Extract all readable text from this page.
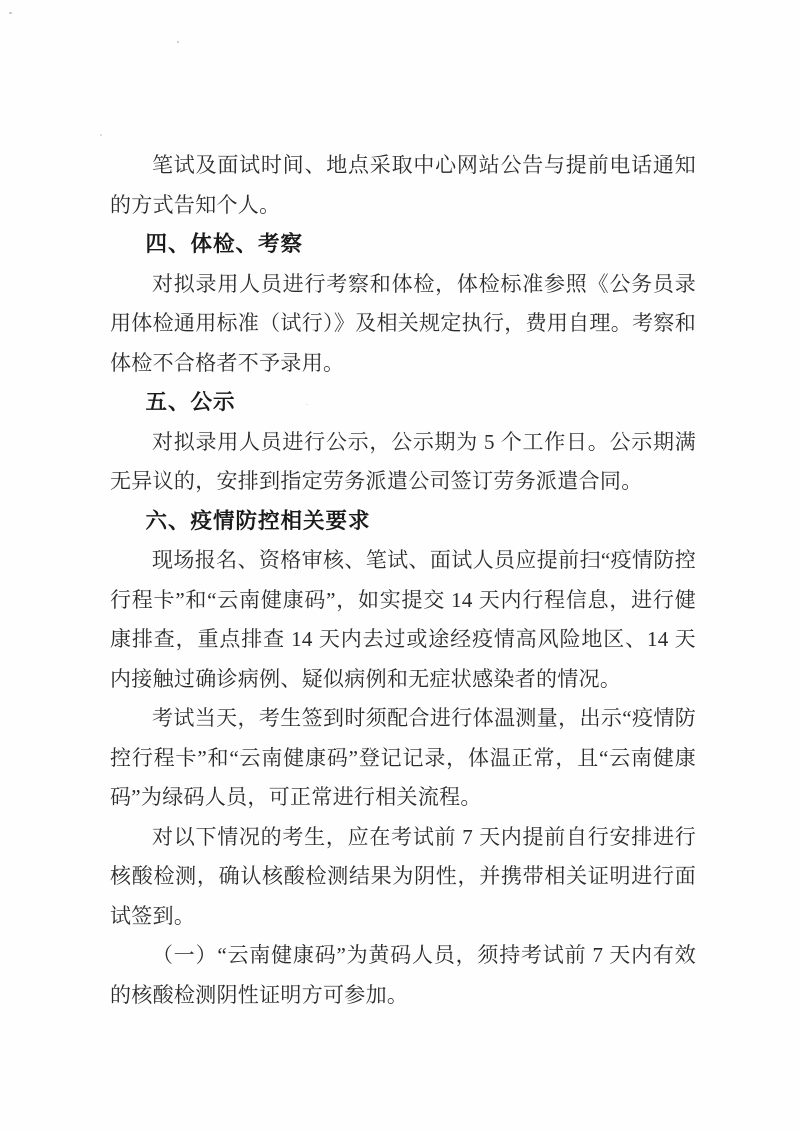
笔试及面试时间、地点采取中心网站公告与提前电话通知的方式告知个人。

四、体检、考察

对拟录用人员进行考察和体检，体检标准参照《公务员录用体检通用标准（试行）》及相关规定执行，费用自理。考察和体检不合格者不予录用。

五、公示

对拟录用人员进行公示，公示期为 5 个工作日。公示期满无异议的，安排到指定劳务派遣公司签订劳务派遣合同。

六、疫情防控相关要求

现场报名、资格审核、笔试、面试人员应提前扫“疫情防控行程卡”和“云南健康码”，如实提交 14 天内行程信息，进行健康排查，重点排查 14 天内去过或途经疫情高风险地区、14 天内接触过确诊病例、疑似病例和无症状感染者的情况。

考试当天，考生签到时须配合进行体温测量，出示“疫情防控行程卡”和“云南健康码”登记记录，体温正常，且“云南健康码”为绿码人员，可正常进行相关流程。

对以下情况的考生，应在考试前 7 天内提前自行安排进行核酸检测，确认核酸检测结果为阴性，并携带相关证明进行面试签到。

（一）“云南健康码”为黄码人员，须持考试前 7 天内有效的核酸检测阴性证明方可参加。
